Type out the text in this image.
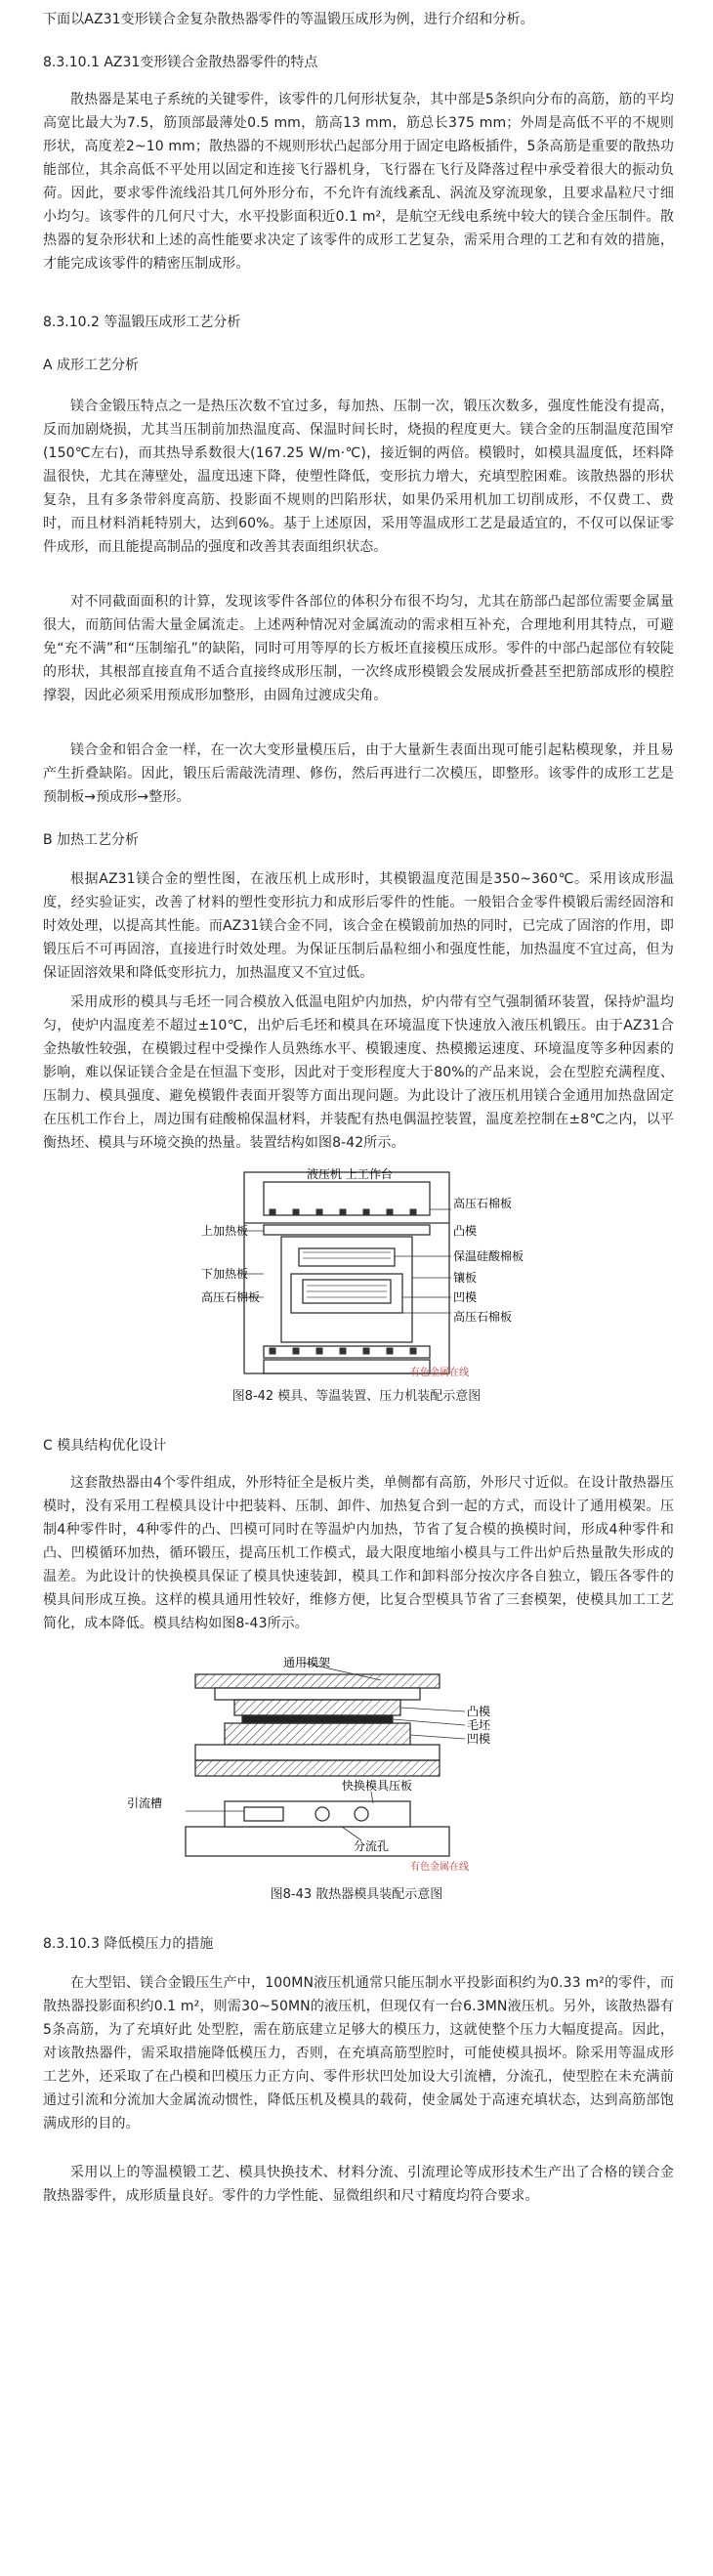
下面以AZ31变形镁合金复杂散热器零件的等温锻压成形为例，进行介绍和分析。

8.3.10.1 AZ31变形镁合金散热器零件的特点

散热器是某电子系统的关键零件，该零件的几何形状复杂，其中部是5条织向分布的高筋，筋的平均高宽比最大为7.5，筋顶部最薄处0.5 mm，筋高13 mm，筋总长375 mm；外周是高低不平的不规则形状，高度差2~10 mm；散热器的不规则形状凸起部分用于固定电路板插件，5条高筋是重要的散热功能部位，其余高低不平处用以固定和连接飞行器机身，飞行器在飞行及降落过程中承受着很大的振动负荷。因此，要求零件流线沿其几何外形分布，不允许有流线紊乱、涡流及穿流现象，且要求晶粒尺寸细小均匀。该零件的几何尺寸大，水平投影面积近0.1 m²，是航空无线电系统中较大的镁合金压制件。散热器的复杂形状和上述的高性能要求决定了该零件的成形工艺复杂，需采用合理的工艺和有效的措施，才能完成该零件的精密压制成形。

8.3.10.2 等温锻压成形工艺分析

A 成形工艺分析

镁合金锻压特点之一是热压次数不宜过多，每加热、压制一次，锻压次数多，强度性能没有提高，反而加剧烧损，尤其当压制前加热温度高、保温时间长时，烧损的程度更大。镁合金的压制温度范围窄(150℃左右)，而其热导系数很大(167.25 W/m·℃)，接近铜的两倍。模锻时，如模具温度低，坯料降温很快，尤其在薄壁处，温度迅速下降，使塑性降低，变形抗力增大，充填型腔困难。该散热器的形状复杂，且有多条带斜度高筋、投影面不规则的凹陷形状，如果仍采用机加工切削成形，不仅费工、费时，而且材料消耗特别大，达到60%。基于上述原因，采用等温成形工艺是最适宜的，不仅可以保证零件成形，而且能提高制品的强度和改善其表面组织状态。

对不同截面面积的计算，发现该零件各部位的体积分布很不均匀，尤其在筋部凸起部位需要金属量很大，而筋间估需大量金属流走。上述两种情况对金属流动的需求相互补充，合理地利用其特点，可避免“充不满”和“压制缩孔”的缺陷，同时可用等厚的长方板坯直接模压成形。零件的中部凸起部位有较陡的形状，其根部直接直角不适合直接终成形压制，一次终成形模锻会发展成折叠甚至把筋部成形的模腔撑裂，因此必须采用预成形加整形，由圆角过渡成尖角。

镁合金和铝合金一样，在一次大变形量模压后，由于大量新生表面出现可能引起粘模现象，并且易产生折叠缺陷。因此，锻压后需敲洗清理、修伤，然后再进行二次模压，即整形。该零件的成形工艺是预制板→预成形→整形。

B 加热工艺分析

根据AZ31镁合金的塑性图，在液压机上成形时，其模锻温度范围是350~360℃。采用该成形温度，经实验证实，改善了材料的塑性变形抗力和成形后零件的性能。一般铝合金零件模锻后需经固溶和时效处理，以提高其性能。而AZ31镁合金不同，该合金在模锻前加热的同时，已完成了固溶的作用，即锻压后不可再固溶，直接进行时效处理。为保证压制后晶粒细小和强度性能，加热温度不宜过高，但为保证固溶效果和降低变形抗力，加热温度又不宜过低。

采用成形的模具与毛坯一同合模放入低温电阻炉内加热，炉内带有空气强制循环装置，保持炉温均匀，使炉内温度差不超过±10℃，出炉后毛坯和模具在环境温度下快速放入液压机锻压。由于AZ31合金热敏性较强，在模锻过程中受操作人员熟练水平、模锻速度、热模搬运速度、环境温度等多种因素的影响，难以保证镁合金是在恒温下变形，因此对于变形程度大于80%的产品来说，会在型腔充满程度、压制力、模具强度、避免模锻件表面开裂等方面出现问题。为此设计了液压机用镁合金通用加热盘固定在压机工作台上，周边围有硅酸棉保温材料，并装配有热电偶温控装置，温度差控制在±8℃之内，以平衡热坯、模具与环境交换的热量。装置结构如图8-42所示。

液压机 上工作台
上加热板
下加热板
高压石棉板
高压石棉板
凸模
保温硅酸棉板
镶板
凹模
高压石棉板
有色金属在线
图8-42 模具、等温装置、压力机装配示意图

C 模具结构优化设计

这套散热器由4个零件组成，外形特征全是板片类，单侧都有高筋，外形尺寸近似。在设计散热器压模时，没有采用工程模具设计中把装料、压制、卸件、加热复合到一起的方式，而设计了通用模架。压制4种零件时，4种零件的凸、凹模可同时在等温炉内加热，节省了复合模的换模时间，形成4种零件和凸、凹模循环加热，循环锻压，提高压机工作模式，最大限度地缩小模具与工件出炉后热量散失形成的温差。为此设计的快换模具保证了模具快速装卸，模具工作和卸料部分按次序各自独立，锻压各零件的模具间形成互换。这样的模具通用性较好，维修方便，比复合型模具节省了三套模架，使模具加工工艺简化，成本降低。模具结构如图8-43所示。

通用模架
凸模
毛坯
凹模
引流槽
快换模具压板
分流孔
有色金属在线
图8-43 散热器模具装配示意图

8.3.10.3 降低模压力的措施

在大型铝、镁合金锻压生产中，100MN液压机通常只能压制水平投影面积约为0.33 m²的零件，而散热器投影面积约0.1 m²，则需30~50MN的液压机，但现仅有一台6.3MN液压机。另外，该散热器有5条高筋，为了充填好此 处型腔，需在筋底建立足够大的模压力，这就使整个压力大幅度提高。因此，对该散热器件，需采取措施降低模压力，否则，在充填高筋型腔时，可能使模具损坏。除采用等温成形工艺外，还采取了在凸模和凹模压力正方向、零件形状凹处加设大引流槽，分流孔，使型腔在未充满前通过引流和分流加大金属流动惯性，降低压机及模具的载荷，使金属处于高速充填状态，达到高筋部饱满成形的目的。

采用以上的等温模锻工艺、模具快换技术、材料分流、引流理论等成形技术生产出了合格的镁合金散热器零件，成形质量良好。零件的力学性能、显微组织和尺寸精度均符合要求。
